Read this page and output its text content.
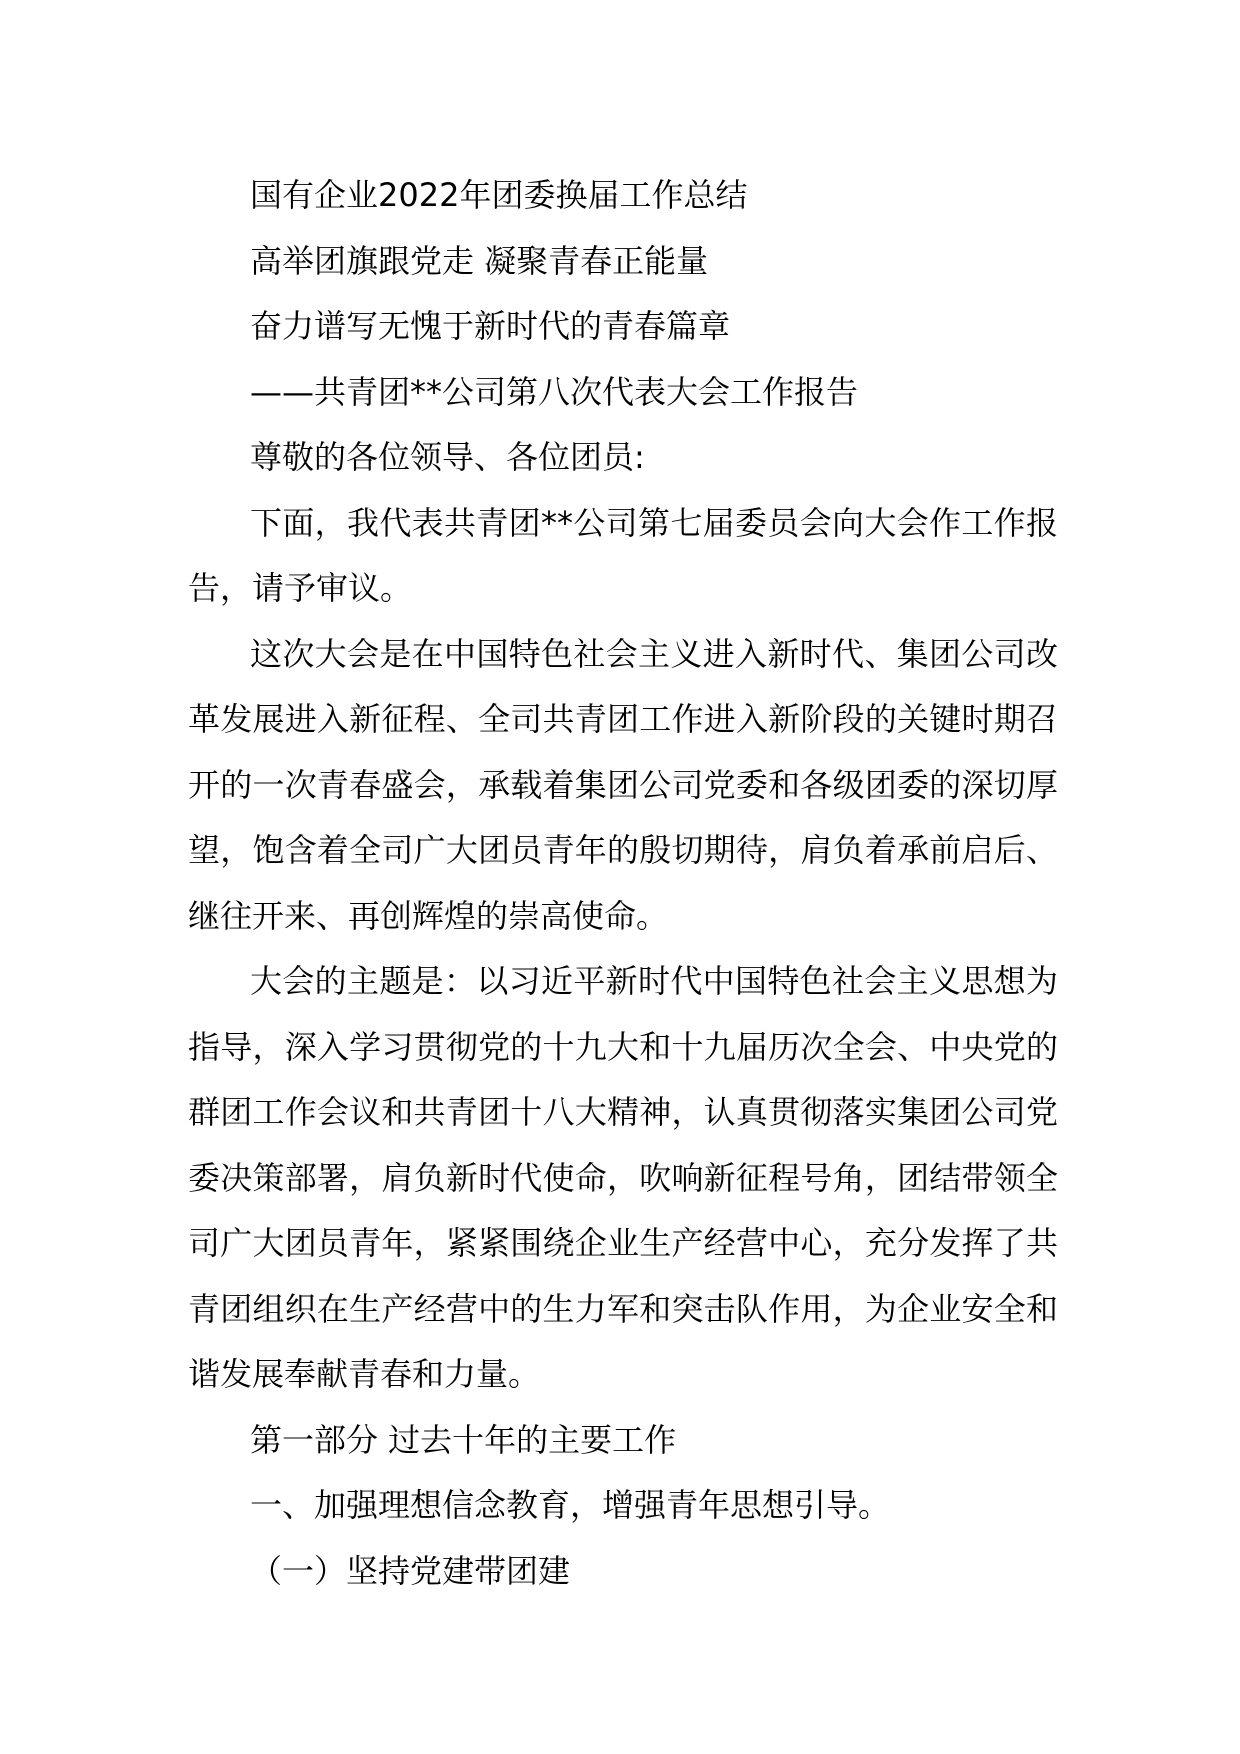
国有企业2022年团委换届工作总结

高举团旗跟党走 凝聚青春正能量

奋力谱写无愧于新时代的青春篇章

——共青团**公司第八次代表大会工作报告

尊敬的各位领导、各位团员:

下面，我代表共青团**公司第七届委员会向大会作工作报告，请予审议。

这次大会是在中国特色社会主义进入新时代、集团公司改革发展进入新征程、全司共青团工作进入新阶段的关键时期召开的一次青春盛会，承载着集团公司党委和各级团委的深切厚望，饱含着全司广大团员青年的殷切期待，肩负着承前启后、继往开来、再创辉煌的崇高使命。

大会的主题是：以习近平新时代中国特色社会主义思想为指导，深入学习贯彻党的十九大和十九届历次全会、中央党的群团工作会议和共青团十八大精神，认真贯彻落实集团公司党委决策部署，肩负新时代使命，吹响新征程号角，团结带领全司广大团员青年，紧紧围绕企业生产经营中心，充分发挥了共青团组织在生产经营中的生力军和突击队作用，为企业安全和谐发展奉献青春和力量。

第一部分 过去十年的主要工作

一、加强理想信念教育，增强青年思想引导。

（一）坚持党建带团建
